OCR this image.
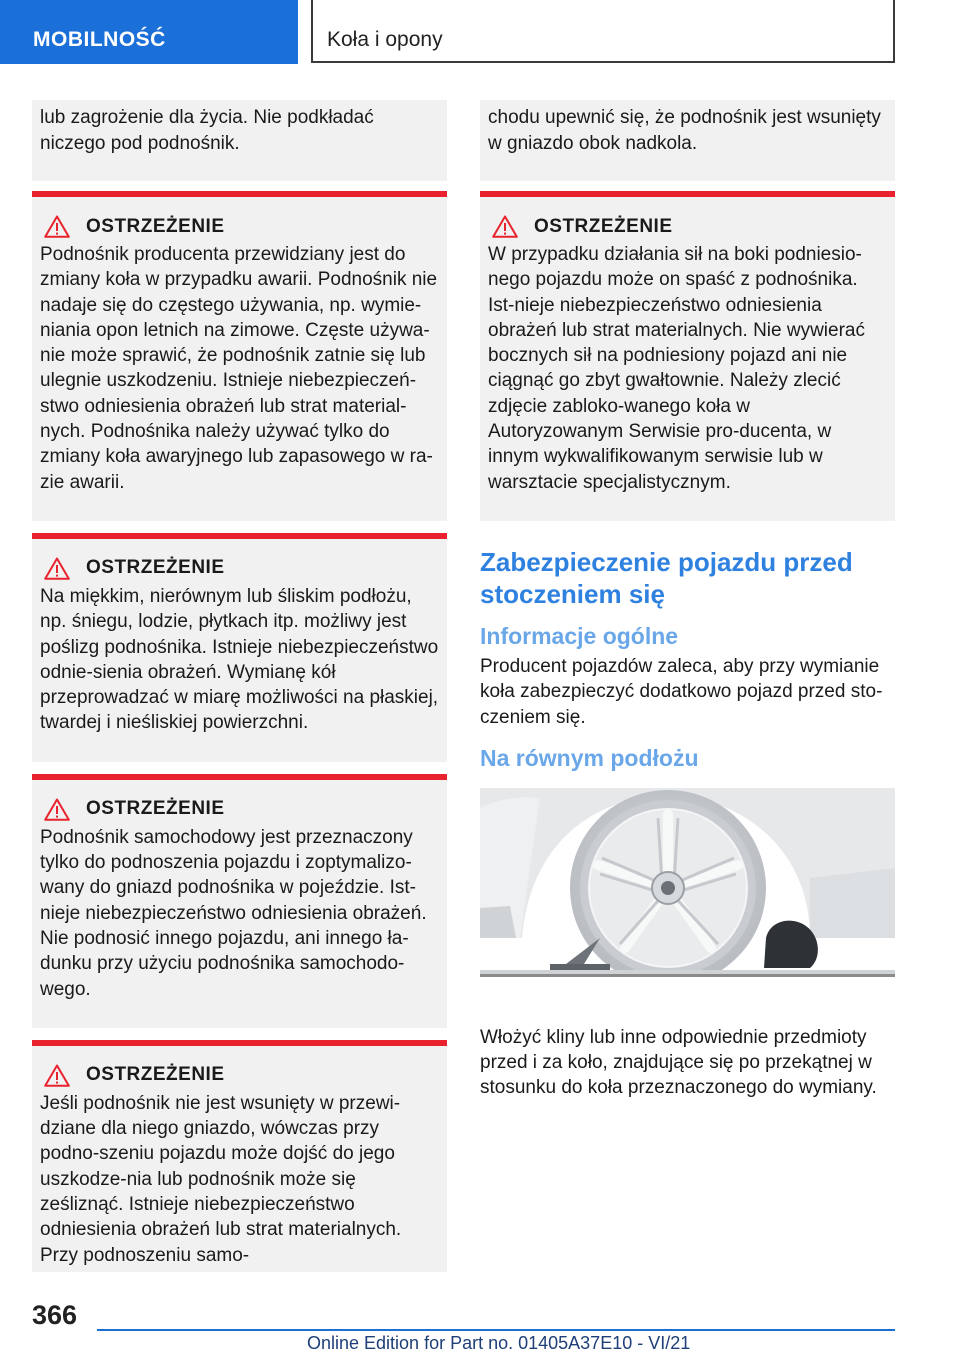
MOBILNOŚĆ	Koła i opony
lub zagrożenie dla życia. Nie podkładać niczego pod podnośnik.
OSTRZEŻENIE
Podnośnik producenta przewidziany jest do zmiany koła w przypadku awarii. Podnośnik nie nadaje się do częstego używania, np. wymiе-niania opon letnich na zimowe. Częste używa-nie może sprawić, że podnośnik zatnie się lub ulegnie uszkodzeniu. Istnieje niebezpieczeń-stwo odniesienia obrażeń lub strat material-nych. Podnośnika należy używać tylko do zmiany koła awaryjnego lub zapasowego w ra-zie awarii.
OSTRZEŻENIE
Na miękkim, nierównym lub śliskim podłożu, np. śniegu, lodzie, płytkach itp. możliwy jest poślizg podnośnika. Istnieje niebezpieczeństwo odnie-sienia obrażeń. Wymianę kół przeprowadzać w miarę możliwości na płaskiej, twardej i nieśliskiej powierzchni.
OSTRZEŻENIE
Podnośnik samochodowy jest przeznaczony tylko do podnoszenia pojazdu i zoptymalizo-wany do gniazd podnośnika w pojeździe. Ist-nieje niebezpieczeństwo odniesienia obrażeń. Nie podnosić innego pojazdu, ani innego ła-dunku przy użyciu podnośnika samochodo-wego.
OSTRZEŻENIE
Jeśli podnośnik nie jest wsunięty w przewi-dziane dla niego gniazdo, wówczas przy podno-szeniu pojazdu może dojść do jego uszkodze-nia lub podnośnik może się ześliznąć. Istnieje niebezpieczeństwo odniesienia obrażeń lub strat materialnych. Przy podnoszeniu samo-
chodu upewnić się, że podnośnik jest wsunięty w gniazdo obok nadkola.
OSTRZEŻENIE
W przypadku działania sił na boki podniesio-nego pojazdu może on spaść z podnośnika. Ist-nieje niebezpieczeństwo odniesienia obrażeń lub strat materialnych. Nie wywierać bocznych sił na podniesiony pojazd ani nie ciągnąć go zbyt gwałtownie. Należy zlecić zdjęcie zabloko-wanego koła w Autoryzowanym Serwisie pro-ducenta, w innym wykwalifikowanym serwisie lub w warsztacie specjalistycznym.
Zabezpieczenie pojazdu przed stoczeniem się
Informacje ogólne
Producent pojazdów zaleca, aby przy wymianie koła zabezpieczyć dodatkowo pojazd przed sto-czeniem się.
Na równym podłożu
Włożyć kliny lub inne odpowiednie przedmioty przed i za koło, znajdujące się po przekątnej w stosunku do koła przeznaczonego do wymiany.
366
Online Edition for Part no. 01405A37E10 - VI/21
